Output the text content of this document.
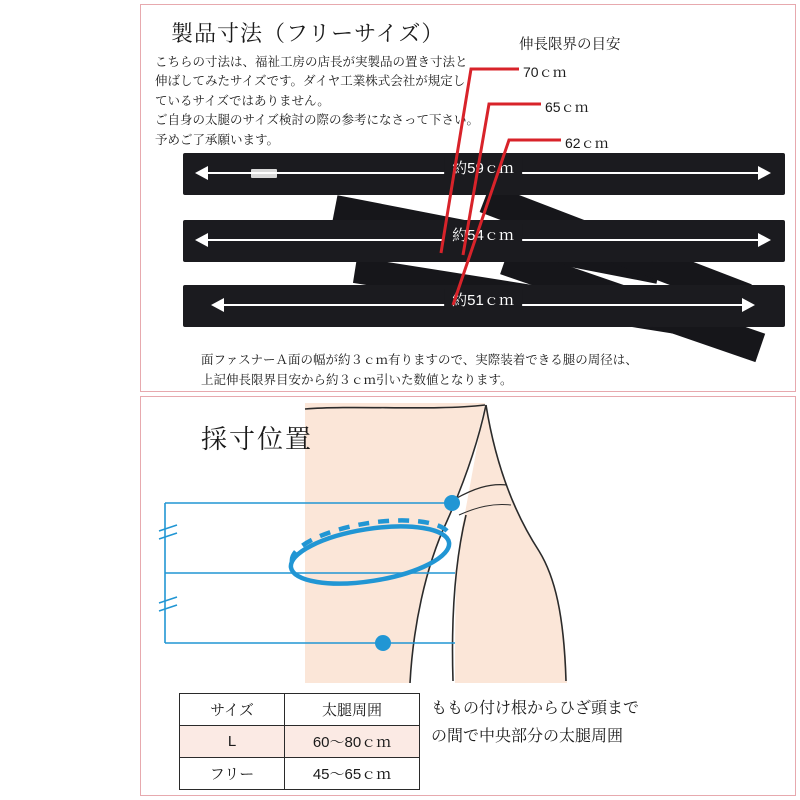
製品寸法（フリーサイズ）
こちらの寸法は、福祉工房の店長が実製品の置き寸法と
伸ばしてみたサイズです。ダイヤ工業株式会社が規定し
ているサイズではありません。
ご自身の太腿のサイズ検討の際の参考になさって下さい。
予めご了承願います。
伸長限界の目安
70ｃｍ
65ｃｍ
62ｃｍ
約59ｃｍ
約54ｃｍ
約51ｃｍ
面ファスナーＡ面の幅が約３ｃｍ有りますので、実際装着できる腿の周径は、
上記伸長限界目安から約３ｃｍ引いた数値となります。
採寸位置
サイズ	太腿周囲
L	60～80ｃｍ
フリー	45～65ｃｍ
ももの付け根からひざ頭まで
の間で中央部分の太腿周囲
